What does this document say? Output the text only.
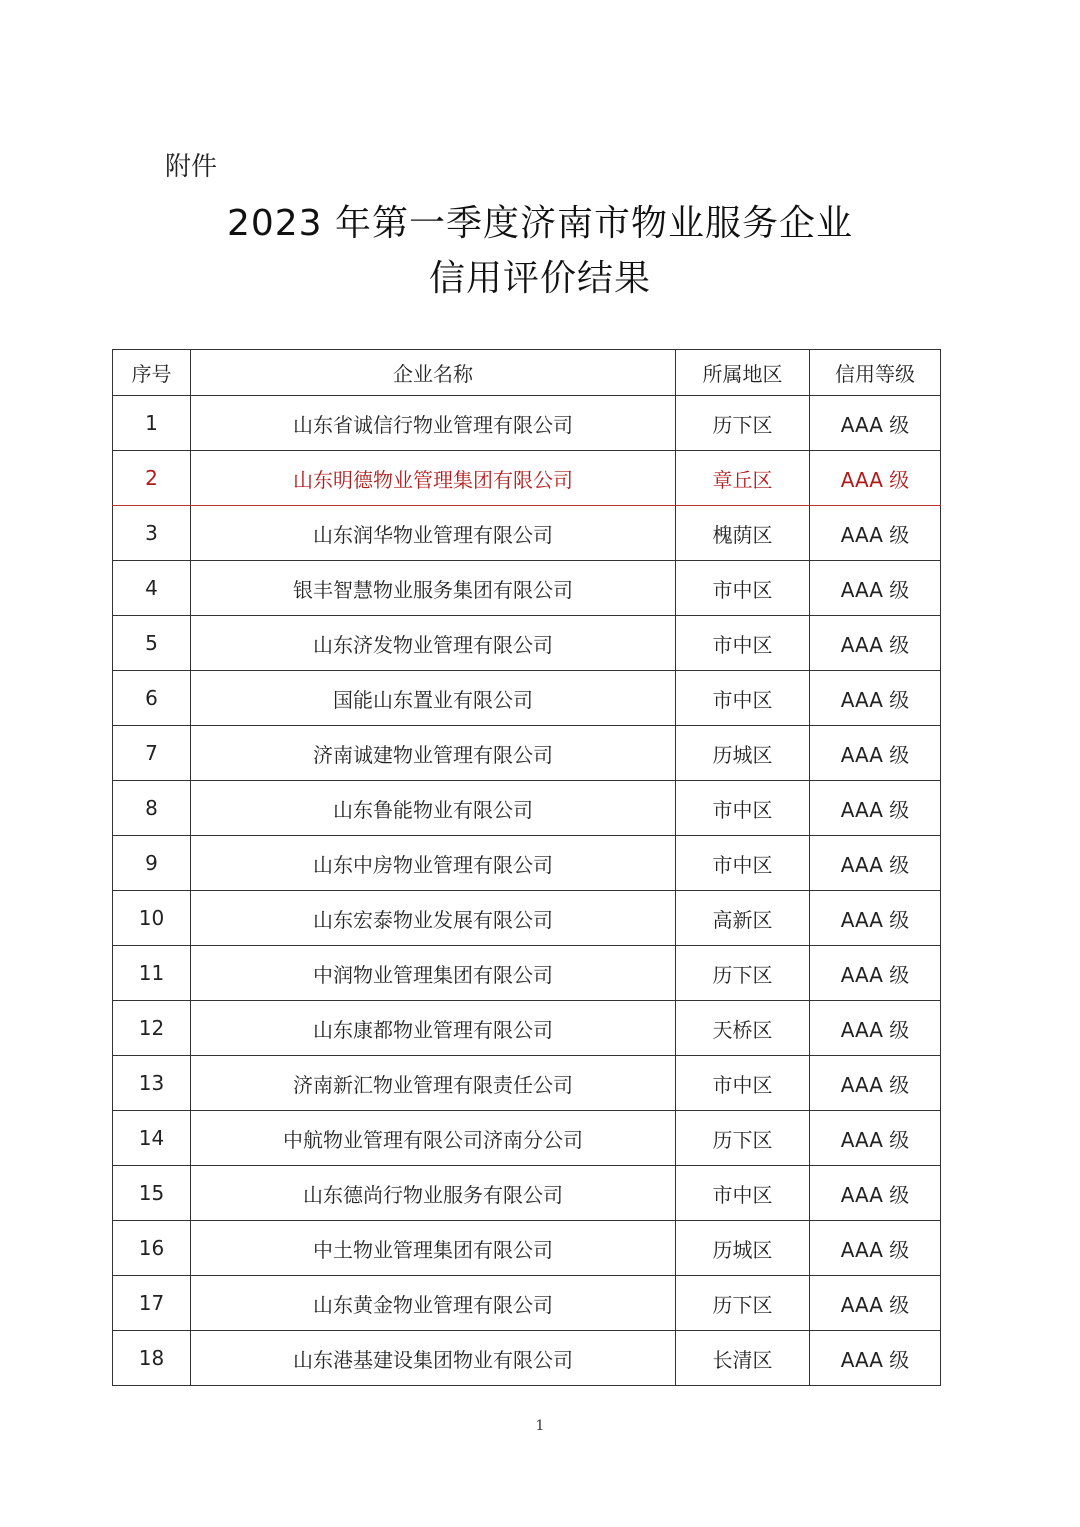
附件
2023 年第一季度济南市物业服务企业
信用评价结果
序号	企业名称	所属地区	信用等级
1	山东省诚信行物业管理有限公司	历下区	AAA 级
2	山东明德物业管理集团有限公司	章丘区	AAA 级
3	山东润华物业管理有限公司	槐荫区	AAA 级
4	银丰智慧物业服务集团有限公司	市中区	AAA 级
5	山东济发物业管理有限公司	市中区	AAA 级
6	国能山东置业有限公司	市中区	AAA 级
7	济南诚建物业管理有限公司	历城区	AAA 级
8	山东鲁能物业有限公司	市中区	AAA 级
9	山东中房物业管理有限公司	市中区	AAA 级
10	山东宏泰物业发展有限公司	高新区	AAA 级
11	中润物业管理集团有限公司	历下区	AAA 级
12	山东康都物业管理有限公司	天桥区	AAA 级
13	济南新汇物业管理有限责任公司	市中区	AAA 级
14	中航物业管理有限公司济南分公司	历下区	AAA 级
15	山东德尚行物业服务有限公司	市中区	AAA 级
16	中土物业管理集团有限公司	历城区	AAA 级
17	山东黄金物业管理有限公司	历下区	AAA 级
18	山东港基建设集团物业有限公司	长清区	AAA 级
1
